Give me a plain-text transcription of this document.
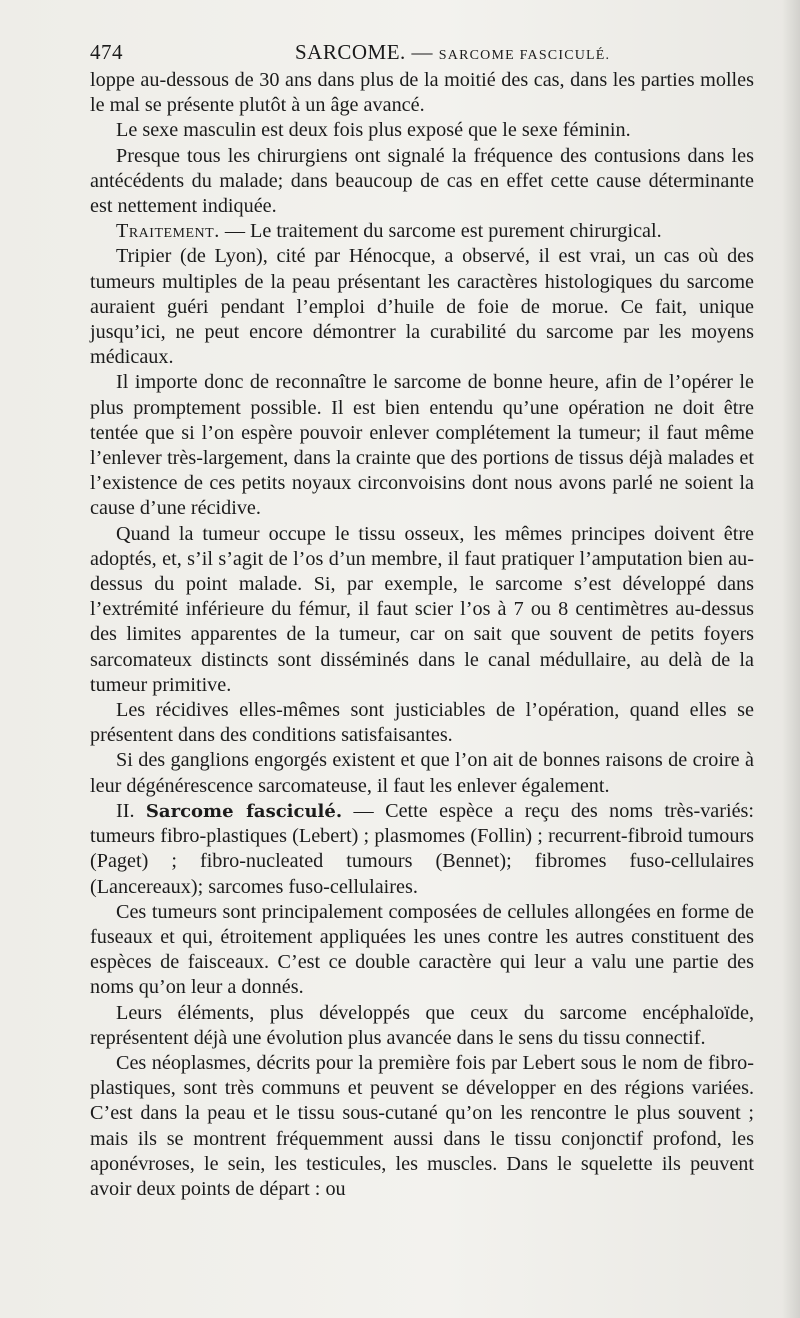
474	SARCOME. — SARCOME FASCICULÉ.

loppe au-dessous de 30 ans dans plus de la moitié des cas, dans les parties molles le mal se présente plutôt à un âge avancé.

Le sexe masculin est deux fois plus exposé que le sexe féminin.

Presque tous les chirurgiens ont signalé la fréquence des contusions dans les antécédents du malade; dans beaucoup de cas en effet cette cause déterminante est nettement indiquée.

Traitement. — Le traitement du sarcome est purement chirurgical.

Tripier (de Lyon), cité par Hénocque, a observé, il est vrai, un cas où des tumeurs multiples de la peau présentant les caractères histologiques du sarcome auraient guéri pendant l’emploi d’huile de foie de morue. Ce fait, unique jusqu’ici, ne peut encore démontrer la curabilité du sarcome par les moyens médicaux.

Il importe donc de reconnaître le sarcome de bonne heure, afin de l’opérer le plus promptement possible. Il est bien entendu qu’une opération ne doit être tentée que si l’on espère pouvoir enlever complétement la tumeur; il faut même l’enlever très-largement, dans la crainte que des portions de tissus déjà malades et l’existence de ces petits noyaux circonvoisins dont nous avons parlé ne soient la cause d’une récidive.

Quand la tumeur occupe le tissu osseux, les mêmes principes doivent être adoptés, et, s’il s’agit de l’os d’un membre, il faut pratiquer l’amputation bien au-dessus du point malade. Si, par exemple, le sarcome s’est développé dans l’extrémité inférieure du fémur, il faut scier l’os à 7 ou 8 centimètres au-dessus des limites apparentes de la tumeur, car on sait que souvent de petits foyers sarcomateux distincts sont disséminés dans le canal médullaire, au delà de la tumeur primitive.

Les récidives elles-mêmes sont justiciables de l’opération, quand elles se présentent dans des conditions satisfaisantes.

Si des ganglions engorgés existent et que l’on ait de bonnes raisons de croire à leur dégénérescence sarcomateuse, il faut les enlever également.

II. Sarcome fasciculé. — Cette espèce a reçu des noms très-variés: tumeurs fibro-plastiques (Lebert) ; plasmomes (Follin) ; recurrent-fibroid tumours (Paget) ; fibro-nucleated tumours (Bennet); fibromes fuso-cellulaires (Lancereaux); sarcomes fuso-cellulaires.

Ces tumeurs sont principalement composées de cellules allongées en forme de fuseaux et qui, étroitement appliquées les unes contre les autres constituent des espèces de faisceaux. C’est ce double caractère qui leur a valu une partie des noms qu’on leur a donnés.

Leurs éléments, plus développés que ceux du sarcome encéphaloïde, représentent déjà une évolution plus avancée dans le sens du tissu connectif.

Ces néoplasmes, décrits pour la première fois par Lebert sous le nom de fibro-plastiques, sont très communs et peuvent se développer en des régions variées. C’est dans la peau et le tissu sous-cutané qu’on les rencontre le plus souvent ; mais ils se montrent fréquemment aussi dans le tissu conjonctif profond, les aponévroses, le sein, les testicules, les muscles. Dans le squelette ils peuvent avoir deux points de départ : ou
